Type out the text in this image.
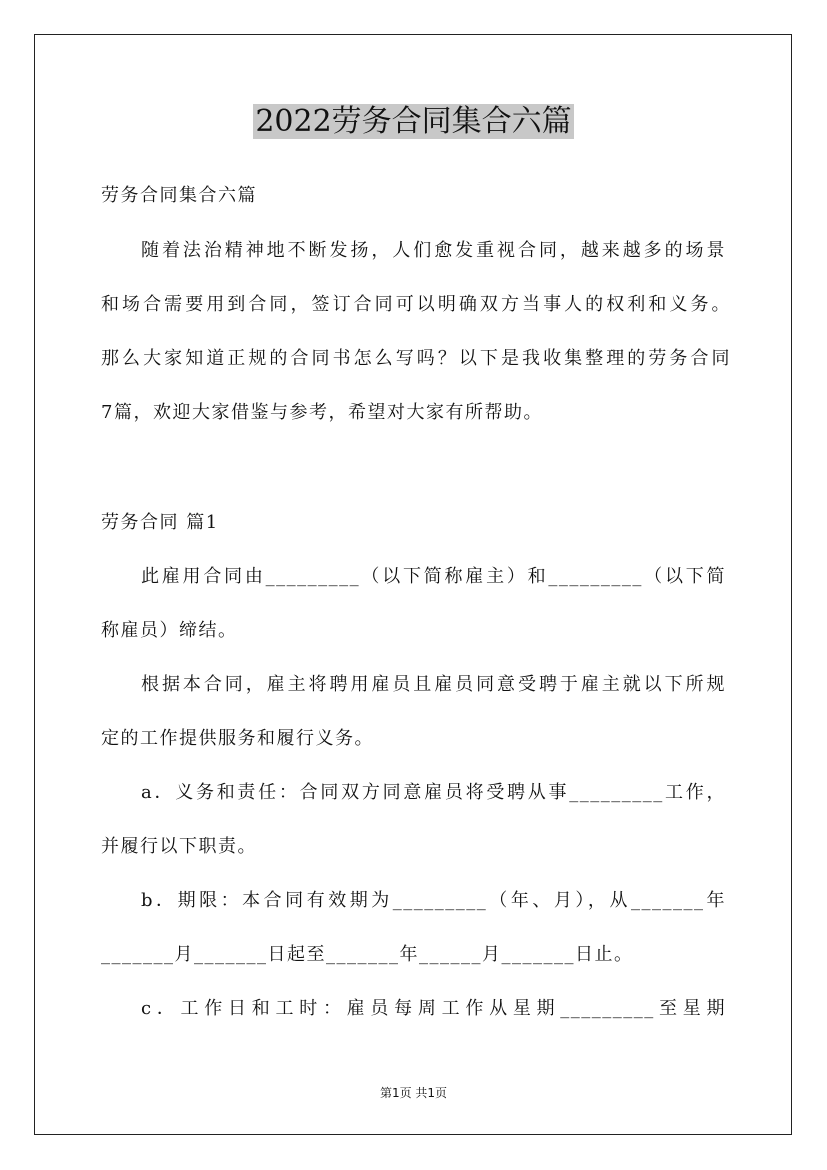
2022劳务合同集合六篇
劳务合同集合六篇
随着法治精神地不断发扬，人们愈发重视合同，越来越多的场景
和场合需要用到合同，签订合同可以明确双方当事人的权利和义务。
那么大家知道正规的合同书怎么写吗？以下是我收集整理的劳务合同
7篇，欢迎大家借鉴与参考，希望对大家有所帮助。
劳务合同 篇1
此雇用合同由_________（以下简称雇主）和_________（以下简
称雇员）缔结。
根据本合同，雇主将聘用雇员且雇员同意受聘于雇主就以下所规
定的工作提供服务和履行义务。
a．义务和责任：合同双方同意雇员将受聘从事_________工作，
并履行以下职责。
b．期限：本合同有效期为_________（年、月），从_______年
_______月_______日起至_______年______月_______日止。
c．工作日和工时：雇员每周工作从星期_________至星期
第1页 共1页
